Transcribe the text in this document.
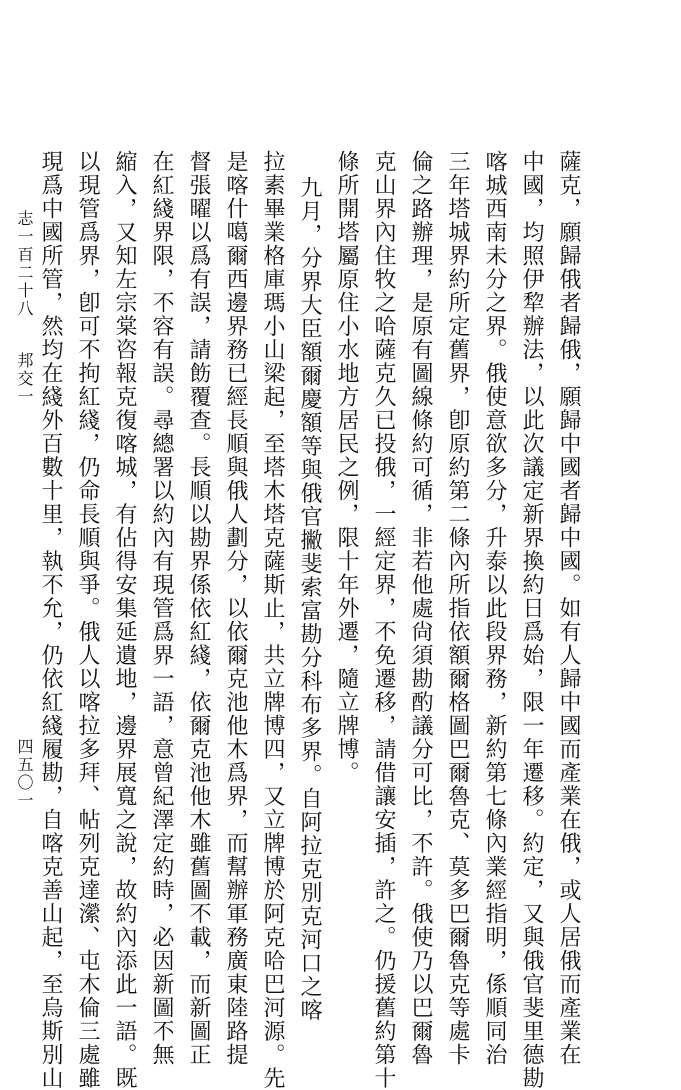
薩克，願歸俄者歸俄，願歸中國者歸中國。如有人歸中國而產業在俄，或人居俄而產業在
中國，均照伊犂辦法，以此次議定新界換約日爲始，限一年遷移。約定，又與俄官斐里德勘
喀城西南未分之界。俄使意欲多分，升泰以此段界務，新約第七條內業經指明，係順同治
三年塔城界約所定舊界，卽原約第二條內所指依額爾格圖巴爾魯克、莫多巴爾魯克等處卡
倫之路辦理，是原有圖線條約可循，非若他處尙須勘酌議分可比，不許。俄使乃以巴爾魯
克山界內住牧之哈薩克久已投俄，一經定界，不免遷移，請借讓安插，許之。仍援舊約第十
條所開塔屬原住小水地方居民之例，限十年外遷，隨立牌博。
九月，分界大臣額爾慶額等與俄官撇斐索富勘分科布多界。自阿拉克別克河口之喀
拉素畢業格庫瑪小山梁起，至塔木塔克薩斯止，共立牌博四，又立牌博於阿克哈巴河源。先
是喀什噶爾西邊界務已經長順與俄人劃分，以依爾克池他木爲界，而幫辦軍務廣東陸路提
督張曜以爲有誤，請飭覆查。長順以勘界係依紅綫，依爾克池他木雖舊圖不載，而新圖正
在紅綫界限，不容有誤。尋總署以約內有現管爲界一語，意曾紀澤定約時，必因新圖不無
縮入，又知左宗棠咨報克復喀城，有佔得安集延遺地，邊界展寬之說，故約內添此一語。既
以現管爲界，卽可不拘紅綫，仍命長順與爭。俄人以喀拉多拜、帖列克達瀠、屯木倫三處雖
現爲中國所管，然均在綫外百數十里，執不允，仍依紅綫履勘，自喀克善山起，至烏斯別山
志一百二十八
邦交一
四五〇一
